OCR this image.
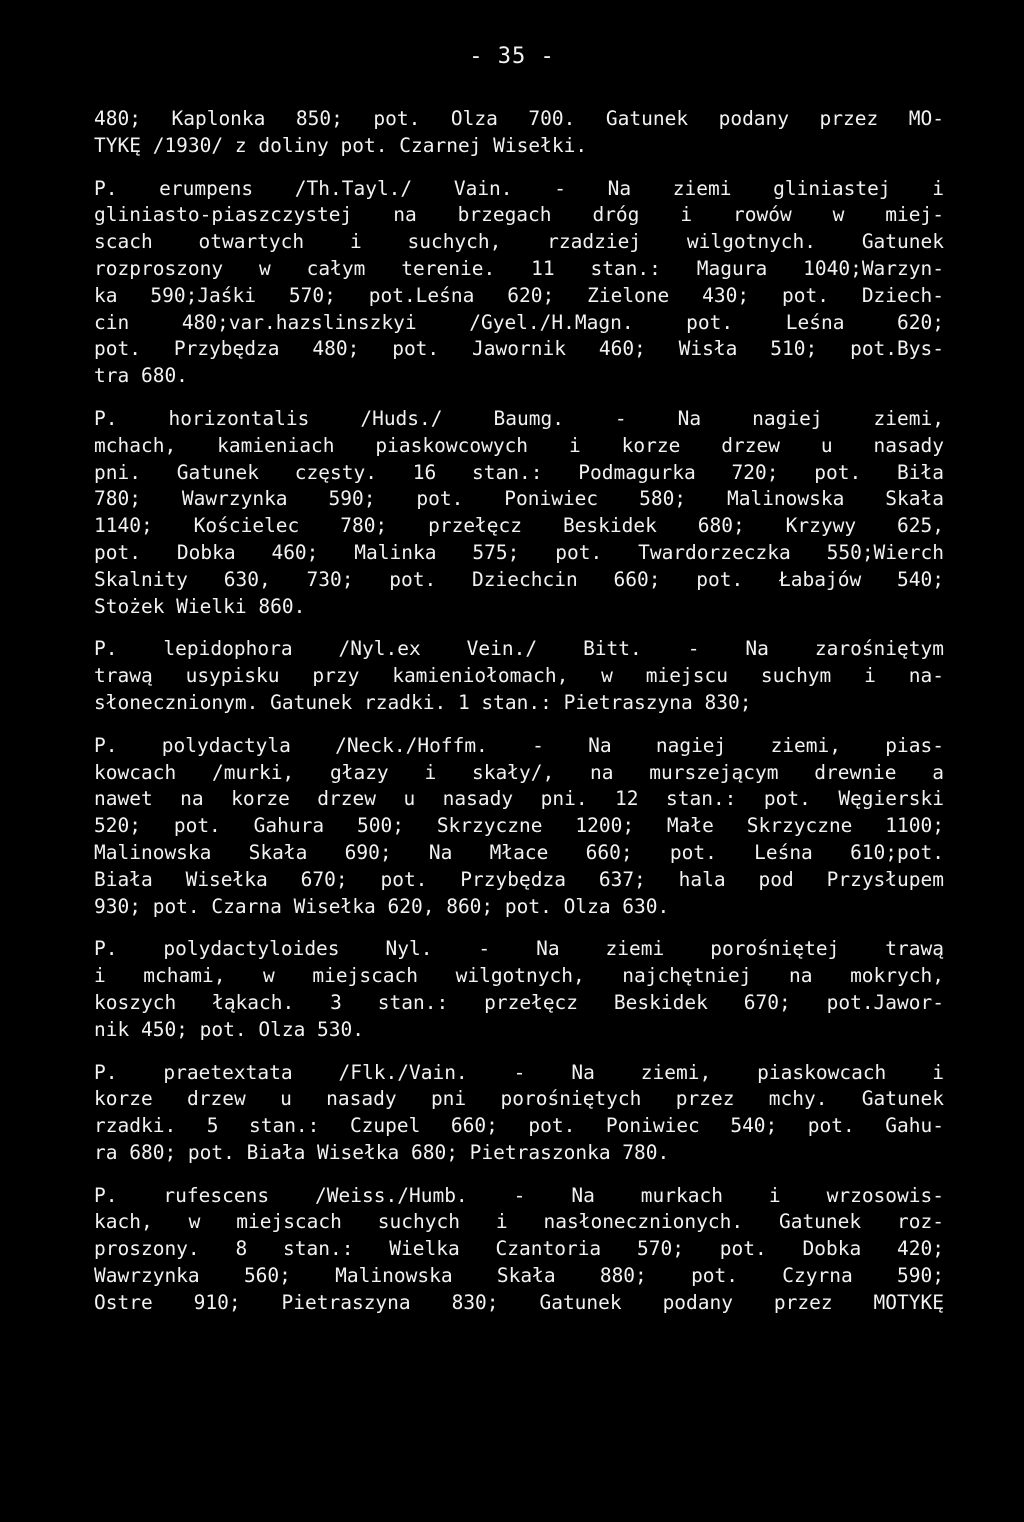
- 35 -
480; Kaplonka 850; pot. Olza 700. Gatunek podany przez MO-
TYKĘ /1930/ z doliny pot. Czarnej Wisełki.
P. erumpens /Th.Tayl./ Vain. - Na ziemi gliniastej i
gliniasto-piaszczystej na brzegach dróg i rowów w miej-
scach otwartych i suchych, rzadziej wilgotnych. Gatunek
rozproszony w całym terenie. 11 stan.: Magura 1040;Warzyn-
ka 590;Jaśki 570; pot.Leśna 620; Zielone 430; pot. Dziech-
cin 480;var.hazslinszkyi /Gyel./H.Magn. pot. Leśna 620;
pot. Przybędza 480; pot. Jawornik 460; Wisła 510; pot.Bys-
tra 680.
P. horizontalis /Huds./ Baumg. - Na nagiej ziemi,
mchach, kamieniach piaskowcowych i korze drzew u nasady
pni. Gatunek częsty. 16 stan.: Podmagurka 720; pot. Biła
780; Wawrzynka 590; pot. Poniwiec 580; Malinowska Skała
1140; Kościelec 780; przełęcz Beskidek 680; Krzywy 625,
pot. Dobka 460; Malinka 575; pot. Twardorzeczka 550;Wierch
Skalnity 630, 730; pot. Dziechcin 660; pot. Łabajów 540;
Stożek Wielki 860.
P. lepidophora /Nyl.ex Vein./ Bitt. - Na zarośniętym
trawą usypisku przy kamieniołomach, w miejscu suchym i na-
słonecznionym. Gatunek rzadki. 1 stan.: Pietraszyna 830;
P. polydactyla /Neck./Hoffm. - Na nagiej ziemi, pias-
kowcach /murki, głazy i skały/, na murszejącym drewnie a
nawet na korze drzew u nasady pni. 12 stan.: pot. Węgierski
520; pot. Gahura 500; Skrzyczne 1200; Małe Skrzyczne 1100;
Malinowska Skała 690; Na Młace 660; pot. Leśna 610;pot.
Biała Wisełka 670; pot. Przybędza 637; hala pod Przysłupem
930; pot. Czarna Wisełka 620, 860; pot. Olza 630.
P. polydactyloides Nyl. - Na ziemi porośniętej trawą
i mchami, w miejscach wilgotnych, najchętniej na mokrych,
koszych łąkach. 3 stan.: przełęcz Beskidek 670; pot.Jawor-
nik 450; pot. Olza 530.
P. praetextata /Flk./Vain. - Na ziemi, piaskowcach i
korze drzew u nasady pni porośniętych przez mchy. Gatunek
rzadki. 5 stan.: Czupel 660; pot. Poniwiec 540; pot. Gahu-
ra 680; pot. Biała Wisełka 680; Pietraszonka 780.
P. rufescens /Weiss./Humb. - Na murkach i wrzosowis-
kach, w miejscach suchych i nasłonecznionych. Gatunek roz-
proszony. 8 stan.: Wielka Czantoria 570; pot. Dobka 420;
Wawrzynka 560; Malinowska Skała 880; pot. Czyrna 590;
Ostre 910; Pietraszyna 830; Gatunek podany przez MOTYKĘ
